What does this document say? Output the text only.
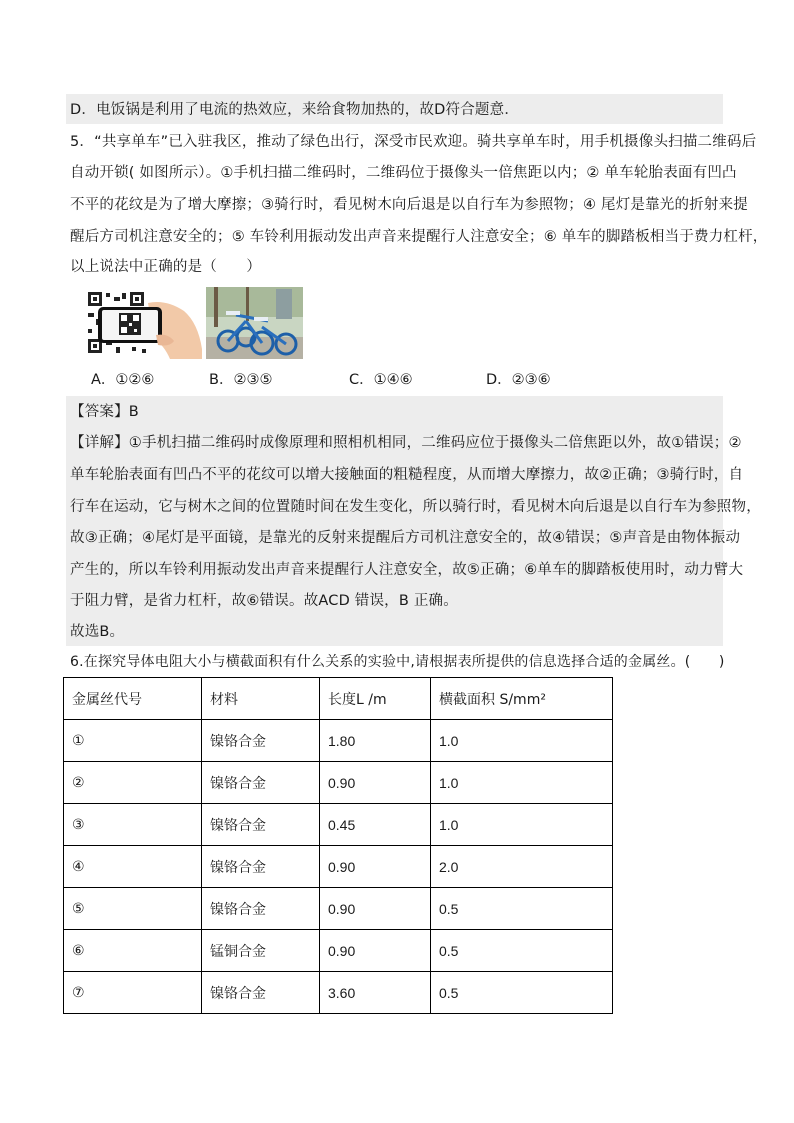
D．电饭锅是利用了电流的热效应，来给食物加热的，故D符合题意．
5．“共享单车”已入驻我区，推动了绿色出行，深受市民欢迎。骑共享单车时，用手机摄像头扫描二维码后
自动开锁( 如图所示）。①手机扫描二维码时，二维码位于摄像头一倍焦距以内；② 单车轮胎表面有凹凸
不平的花纹是为了增大摩擦；③骑行时，看见树木向后退是以自行车为参照物；④ 尾灯是靠光的折射来提
醒后方司机注意安全的；⑤ 车铃利用振动发出声音来提醒行人注意安全；⑥ 单车的脚踏板相当于费力杠杆，
以上说法中正确的是（　　）
A．①②⑥	B．②③⑤	C．①④⑥	D．②③⑥
【答案】B
【详解】①手机扫描二维码时成像原理和照相机相同，二维码应位于摄像头二倍焦距以外，故①错误；②
单车轮胎表面有凹凸不平的花纹可以增大接触面的粗糙程度，从而增大摩擦力，故②正确；③骑行时，自
行车在运动，它与树木之间的位置随时间在发生变化，所以骑行时，看见树木向后退是以自行车为参照物，
故③正确；④尾灯是平面镜，是靠光的反射来提醒后方司机注意安全的，故④错误；⑤声音是由物体振动
产生的，所以车铃利用振动发出声音来提醒行人注意安全，故⑤正确；⑥单车的脚踏板使用时，动力臂大
于阻力臂，是省力杠杆，故⑥错误。故ACD 错误，B 正确。
故选B。
6.在探究导体电阻大小与横截面积有什么关系的实验中,请根据表所提供的信息选择合适的金属丝。(　　)
金属丝代号	材料	长度L /m	横截面积 S/mm²
①	镍铬合金	1.80	1.0
②	镍铬合金	0.90	1.0
③	镍铬合金	0.45	1.0
④	镍铬合金	0.90	2.0
⑤	镍铬合金	0.90	0.5
⑥	锰铜合金	0.90	0.5
⑦	镍铬合金	3.60	0.5
